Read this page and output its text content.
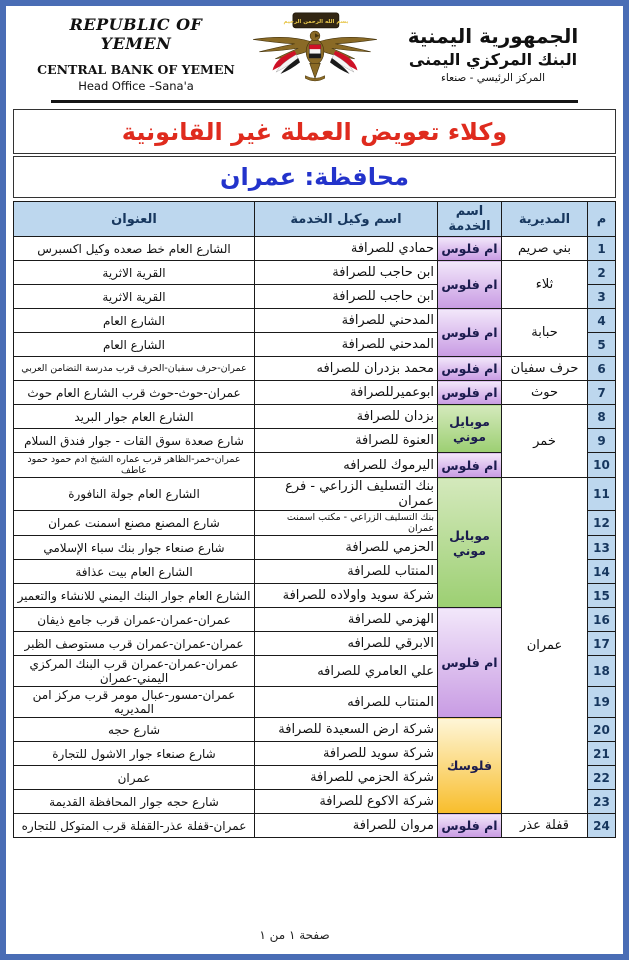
REPUBLIC OF YEMEN
CENTRAL BANK OF YEMEN
Head Office –Sana'a
بسم الله الرحمن الرحيم
الجمهورية اليمنية
البنك المركزي اليمنى
المركز الرئيسي - صنعاء
وكلاء تعويض العملة غير القانونية
محافظة: عمران
م	المديرية	اسم الخدمة	اسم وكيل الخدمة	العنوان
1	بني صريم	ام فلوس	حمادي للصرافة	الشارع العام خط صعده وكيل اكسبرس
2	ثلاء	ام فلوس	ابن حاجب للصرافة	القرية الاثرية
3			ابن حاجب للصرافة	القرية الاثرية
4	حبابة	ام فلوس	المدحني للصرافة	الشارع العام
5			المدحني للصرافة	الشارع العام
6	حرف سفيان	ام فلوس	محمد بزدران للصرافه	عمران-حرف سفيان-الحرف قرب مدرسة التضامن العربي
7	حوث	ام فلوس	ابوعميرللصرافة	عمران-حوث-حوث قرب الشارع العام حوث
8	خمر	موبايل موني	بزدان للصرافة	الشارع العام جوار البريد
9			العنوة للصرافة	شارع صعدة سوق القات - جوار فندق السلام
10		ام فلوس	اليرموك للصرافه	عمران-خمر-الظاهر قرب عماره الشيخ ادم حمود حمود عاطف
11	عمران	موبايل موني	بنك التسليف الزراعي - فرع عمران	الشارع العام جولة النافورة
12			بنك التسليف الزراعي - مكتب اسمنت عمران	شارع المصنع مصنع اسمنت عمران
13			الحزمي للصرافة	شارع صنعاء جوار بنك سباء الإسلامي
14			المنتاب للصرافة	الشارع العام بيت عذافة
15			شركة سويد واولاده للصرافة	الشارع العام جوار البنك اليمني للانشاء والتعمير
16		ام فلوس	الهزمي للصرافة	عمران-عمران-عمران قرب جامع ذيفان
17			الابرقي للصرافه	عمران-عمران-عمران قرب مستوصف الظبر
18			علي العامري للصرافه	عمران-عمران-عمران قرب البنك المركزي اليمني-عمران
19			المنتاب للصرافه	عمران-مسور-عبال مومر قرب مركز امن المديريه
20		فلوسك	شركة ارض السعيدة للصرافة	شارع حجه
21			شركة سويد للصرافة	شارع صنعاء جوار الاشول للتجارة
22			شركة الحزمي للصرافة	عمران
23			شركة الاكوع للصرافة	شارع حجه جوار المحافظة القديمة
24	قفلة عذر	ام فلوس	مروان للصرافة	عمران-قفلة عذر-القفلة قرب المتوكل للتجاره
صفحة ١ من ١
